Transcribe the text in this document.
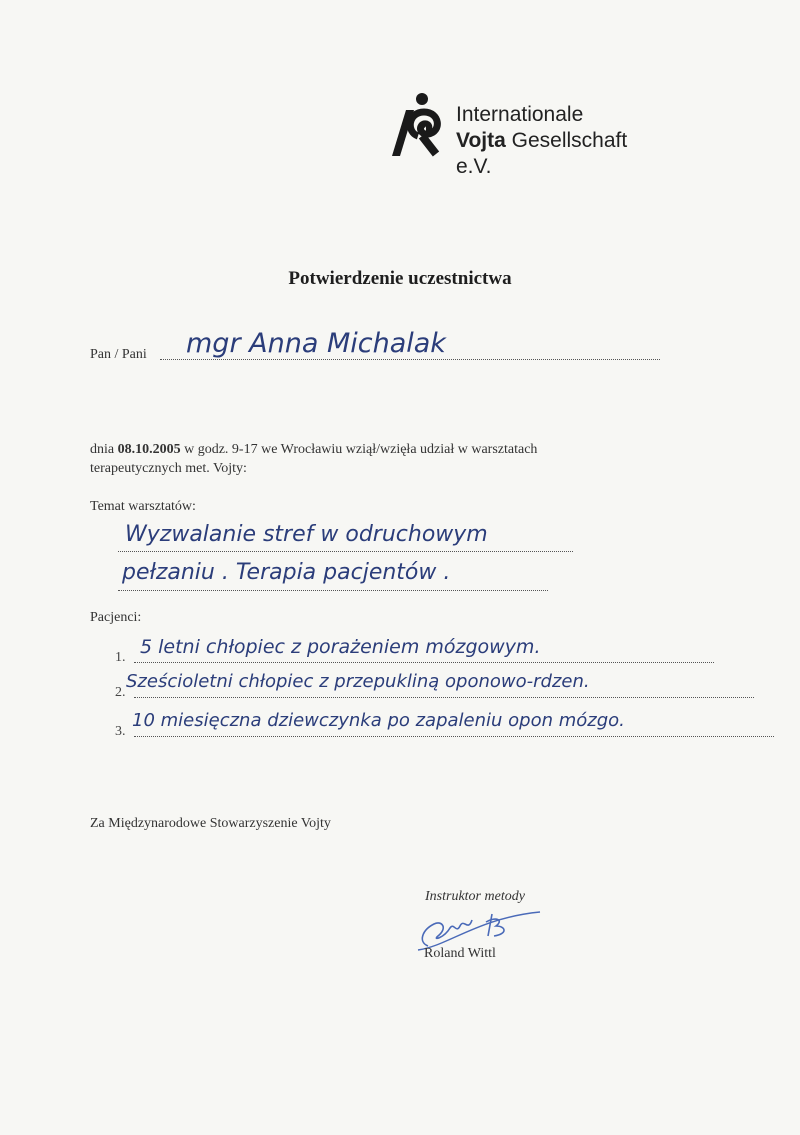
Internationale
Vojta Gesellschaft e.V.
Potwierdzenie uczestnictwa
Pan / Pani mgr Anna Michalak
dnia 08.10.2005 w godz. 9-17 we Wrocławiu wziął/wzięła udział w warsztatach
terapeutycznych met. Vojty:
Temat warsztatów:
Wyzwalanie stref w odruchowym
pełzaniu . Terapia pacjentów .
Pacjenci:
1. 5 letni chłopiec z porażeniem mózgowym.
2.
Sześcioletni chłopiec z przepukliną oponowo-rdzen.
3.
10 miesięczna dziewczynka po zapaleniu opon mózgo.
Za Międzynarodowe Stowarzyszenie Vojty
Instruktor metody
Roland Wittl
